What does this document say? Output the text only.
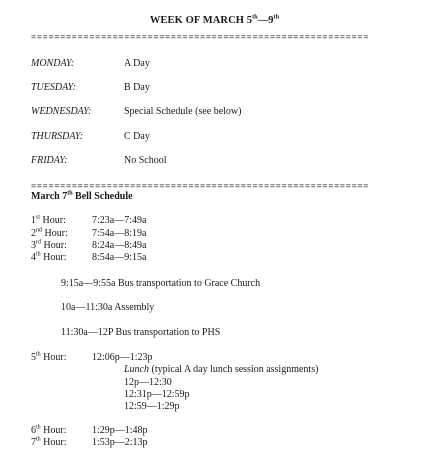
WEEK OF MARCH 5th—9th
==========================================================
MONDAY:	A Day
TUESDAY:	B Day
WEDNESDAY:	Special Schedule (see below)
THURSDAY:	C Day
FRIDAY:	No School
==========================================================
March 7th Bell Schedule
1st Hour:	7:23a—7:49a
2nd Hour: 7:54a—8:19a
3rd Hour:	8:24a—8:49a
4th Hour:	8:54a—9:15a
9:15a—9:55a Bus transportation to Grace Church
10a—11:30a Assembly
11:30a—12P Bus transportation to PHS
5th Hour:	12:06p—1:23p
Lunch (typical A day lunch session assignments)
12p—12:30
12:31p—12:59p
12:59—1:29p
6th Hour:	1:29p—1:48p
7th Hour:	1:53p—2:13p
